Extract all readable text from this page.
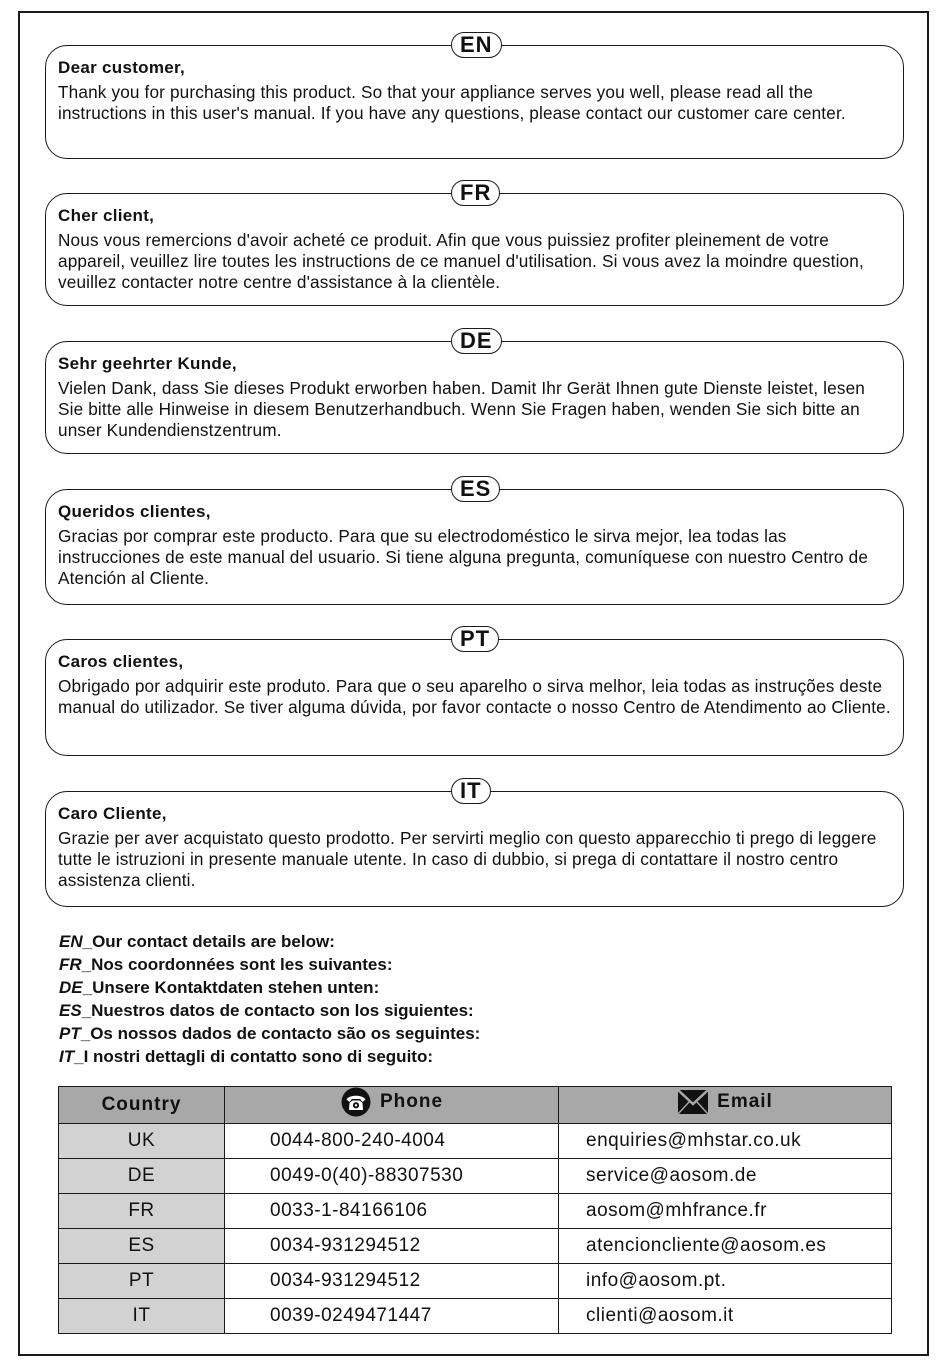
EN
Dear customer,
Thank you for purchasing this product. So that your appliance serves you well, please read all the instructions in this user's manual. If you have any questions, please contact our customer care center.
FR
Cher client,
Nous vous remercions d'avoir acheté ce produit. Afin que vous puissiez profiter pleinement de votre appareil, veuillez lire toutes les instructions de ce manuel d'utilisation. Si vous avez la moindre question, veuillez contacter notre centre d'assistance à la clientèle.
DE
Sehr geehrter Kunde,
Vielen Dank, dass Sie dieses Produkt erworben haben. Damit Ihr Gerät Ihnen gute Dienste leistet, lesen Sie bitte alle Hinweise in diesem Benutzerhandbuch. Wenn Sie Fragen haben, wenden Sie sich bitte an unser Kundendienstzentrum.
ES
Queridos clientes,
Gracias por comprar este producto. Para que su electrodoméstico le sirva mejor, lea todas las instrucciones de este manual del usuario. Si tiene alguna pregunta, comuníquese con nuestro Centro de Atención al Cliente.
PT
Caros clientes,
Obrigado por adquirir este produto. Para que o seu aparelho o sirva melhor, leia todas as instruções deste manual do utilizador. Se tiver alguma dúvida, por favor contacte o nosso Centro de Atendimento ao Cliente.
IT
Caro Cliente,
Grazie per aver acquistato questo prodotto. Per servirti meglio con questo apparecchio ti prego di leggere tutte le istruzioni in presente manuale utente. In caso di dubbio, si prega di contattare il nostro centro assistenza clienti.
EN_Our contact details are below:
FR_Nos coordonnées sont les suivantes:
DE_Unsere Kontaktdaten stehen unten:
ES_Nuestros datos de contacto son los siguientes:
PT_Os nossos dados de contacto são os seguintes:
IT_I nostri dettagli di contatto sono di seguito:
Country	Phone	Email

UK	0044-800-240-4004	enquiries@mhstar.co.uk
DE	0049-0(40)-88307530	service@aosom.de
FR	0033-1-84166106	aosom@mhfrance.fr
ES	0034-931294512	atencioncliente@aosom.es
PT	0034-931294512	info@aosom.pt.
IT	0039-0249471447	clienti@aosom.it
